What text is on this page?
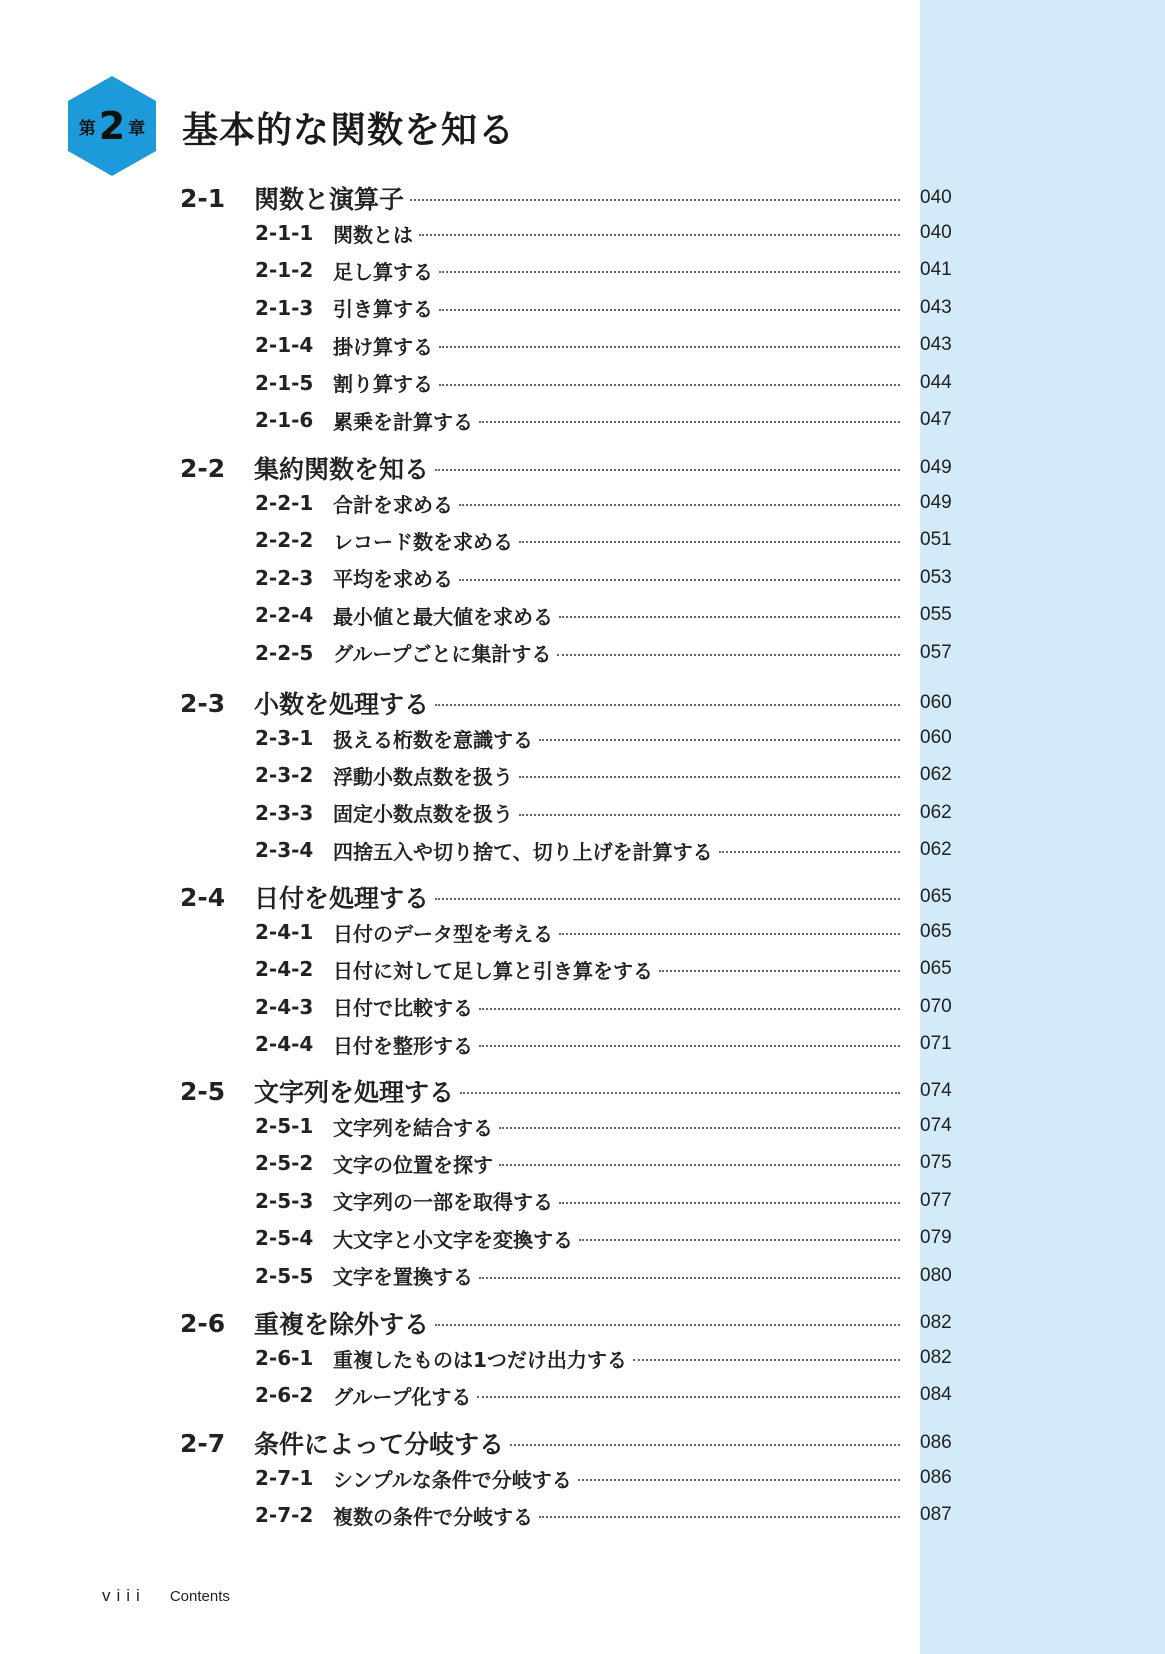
第 2 章 基本的な関数を知る
2-1	関数と演算子	040
2-1-1 関数とは	040
2-1-2 足し算する	041
2-1-3 引き算する	043
2-1-4 掛け算する	043
2-1-5 割り算する	044
2-1-6 累乗を計算する	047
2-2	集約関数を知る	049
2-2-1 合計を求める	049
2-2-2 レコード数を求める	051
2-2-3 平均を求める	053
2-2-4 最小値と最大値を求める	055
2-2-5 グループごとに集計する	057
2-3	小数を処理する	060
2-3-1 扱える桁数を意識する	060
2-3-2 浮動小数点数を扱う	062
2-3-3 固定小数点数を扱う	062
2-3-4 四捨五入や切り捨て、切り上げを計算する	062
2-4	日付を処理する	065
2-4-1 日付のデータ型を考える	065
2-4-2 日付に対して足し算と引き算をする	065
2-4-3 日付で比較する	070
2-4-4 日付を整形する	071
2-5	文字列を処理する	074
2-5-1 文字列を結合する	074
2-5-2 文字の位置を探す	075
2-5-3 文字列の一部を取得する	077
2-5-4 大文字と小文字を変換する	079
2-5-5 文字を置換する	080
2-6	重複を除外する	082
2-6-1 重複したものは1つだけ出力する	082
2-6-2 グループ化する	084
2-7	条件によって分岐する	086
2-7-1 シンプルな条件で分岐する	086
2-7-2 複数の条件で分岐する	087
viii Contents
